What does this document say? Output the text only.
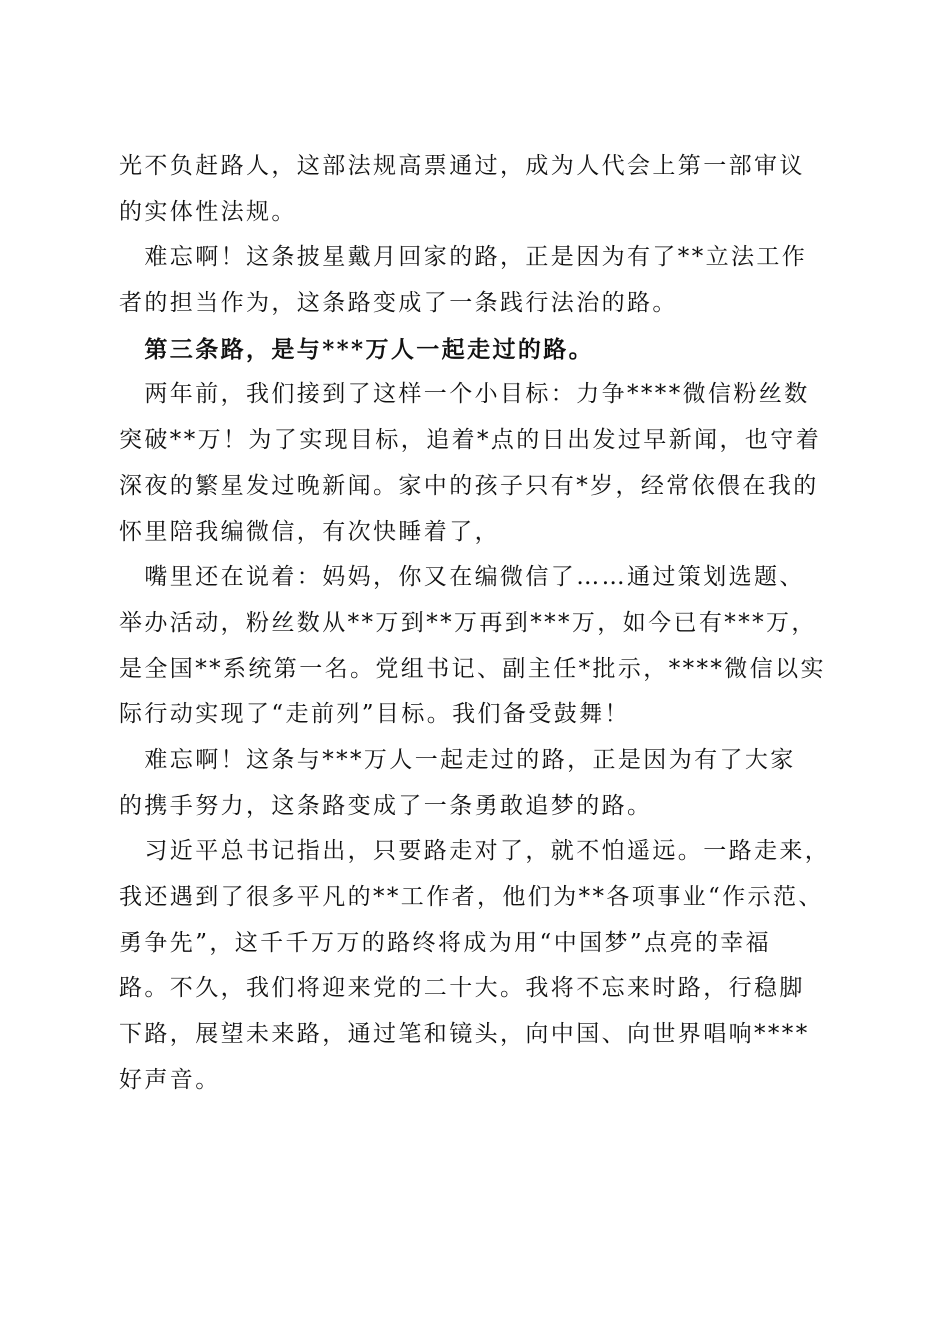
光不负赶路人，这部法规高票通过，成为人代会上第一部审议
的实体性法规。
　难忘啊！这条披星戴月回家的路，正是因为有了**立法工作
者的担当作为，这条路变成了一条践行法治的路。
　第三条路，是与***万人一起走过的路。
　两年前，我们接到了这样一个小目标：力争****微信粉丝数
突破**万！为了实现目标，追着*点的日出发过早新闻，也守着
深夜的繁星发过晚新闻。家中的孩子只有*岁，经常依偎在我的
怀里陪我编微信，有次快睡着了，
　嘴里还在说着：妈妈，你又在编微信了……通过策划选题、
举办活动，粉丝数从**万到**万再到***万，如今已有***万，
是全国**系统第一名。党组书记、副主任*批示，****微信以实
际行动实现了“走前列”目标。我们备受鼓舞！
　难忘啊！这条与***万人一起走过的路，正是因为有了大家
的携手努力，这条路变成了一条勇敢追梦的路。
　习近平总书记指出，只要路走对了，就不怕遥远。一路走来，
我还遇到了很多平凡的**工作者，他们为**各项事业“作示范、
勇争先”，这千千万万的路终将成为用“中国梦”点亮的幸福
路。不久，我们将迎来党的二十大。我将不忘来时路，行稳脚
下路，展望未来路，通过笔和镜头，向中国、向世界唱响****
好声音。
